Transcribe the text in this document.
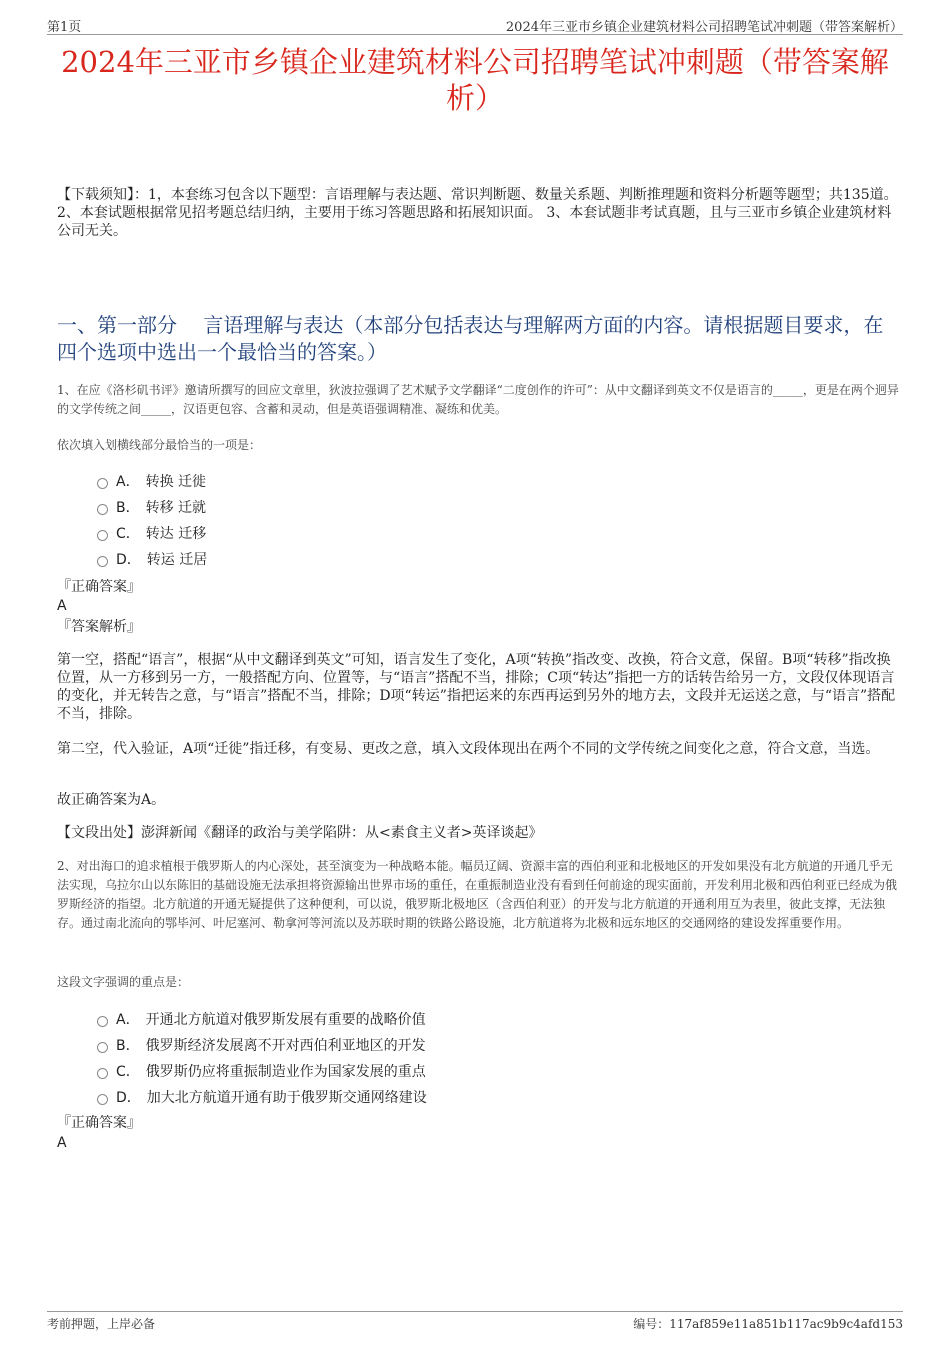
第1页	2024年三亚市乡镇企业建筑材料公司招聘笔试冲刺题（带答案解析）
2024年三亚市乡镇企业建筑材料公司招聘笔试冲刺题（带答案解析）
【下载须知】：1，本套练习包含以下题型：言语理解与表达题、常识判断题、数量关系题、判断推理题和资料分析题等题型；共135道。 2、本套试题根据常见招考题总结归纳，主要用于练习答题思路和拓展知识面。 3、本套试题非考试真题，且与三亚市乡镇企业建筑材料公司无关。
一、第一部分　 言语理解与表达（本部分包括表达与理解两方面的内容。请根据题目要求，在四个选项中选出一个最恰当的答案。）
1、在应《洛杉矶书评》邀请所撰写的回应文章里，狄波拉强调了艺术赋予文学翻译“二度创作的许可”：从中文翻译到英文不仅是语言的_____，更是在两个迥异的文学传统之间_____，汉语更包容、含蓄和灵动，但是英语强调精准、凝练和优美。
依次填入划横线部分最恰当的一项是：
A． 转换 迁徙
B． 转移 迁就
C． 转达 迁移
D． 转运 迁居
『正确答案』
A
『答案解析』
第一空，搭配“语言”，根据“从中文翻译到英文”可知，语言发生了变化，A项“转换”指改变、改换，符合文意，保留。B项“转移”指改换位置，从一方移到另一方，一般搭配方向、位置等，与“语言”搭配不当，排除；C项“转达”指把一方的话转告给另一方，文段仅体现语言的变化，并无转告之意，与“语言”搭配不当，排除；D项“转运”指把运来的东西再运到另外的地方去，文段并无运送之意，与“语言”搭配不当，排除。
第二空，代入验证，A项“迁徙”指迁移，有变易、更改之意，填入文段体现出在两个不同的文学传统之间变化之意，符合文意，当选。
故正确答案为A。
【文段出处】澎湃新闻《翻译的政治与美学陷阱：从<素食主义者>英译谈起》
2、对出海口的追求植根于俄罗斯人的内心深处，甚至演变为一种战略本能。幅员辽阔、资源丰富的西伯利亚和北极地区的开发如果没有北方航道的开通几乎无法实现，乌拉尔山以东陈旧的基础设施无法承担将资源输出世界市场的重任，在重振制造业没有看到任何前途的现实面前，开发利用北极和西伯利亚已经成为俄罗斯经济的指望。北方航道的开通无疑提供了这种便利，可以说，俄罗斯北极地区（含西伯利亚）的开发与北方航道的开通利用互为表里，彼此支撑，无法独存。通过南北流向的鄂毕河、叶尼塞河、勒拿河等河流以及苏联时期的铁路公路设施，北方航道将为北极和远东地区的交通网络的建设发挥重要作用。
这段文字强调的重点是：
A． 开通北方航道对俄罗斯发展有重要的战略价值
B． 俄罗斯经济发展离不开对西伯利亚地区的开发
C． 俄罗斯仍应将重振制造业作为国家发展的重点
D． 加大北方航道开通有助于俄罗斯交通网络建设
『正确答案』
A
考前押题，上岸必备	编号：117af859e11a851b117ac9b9c4afd153
